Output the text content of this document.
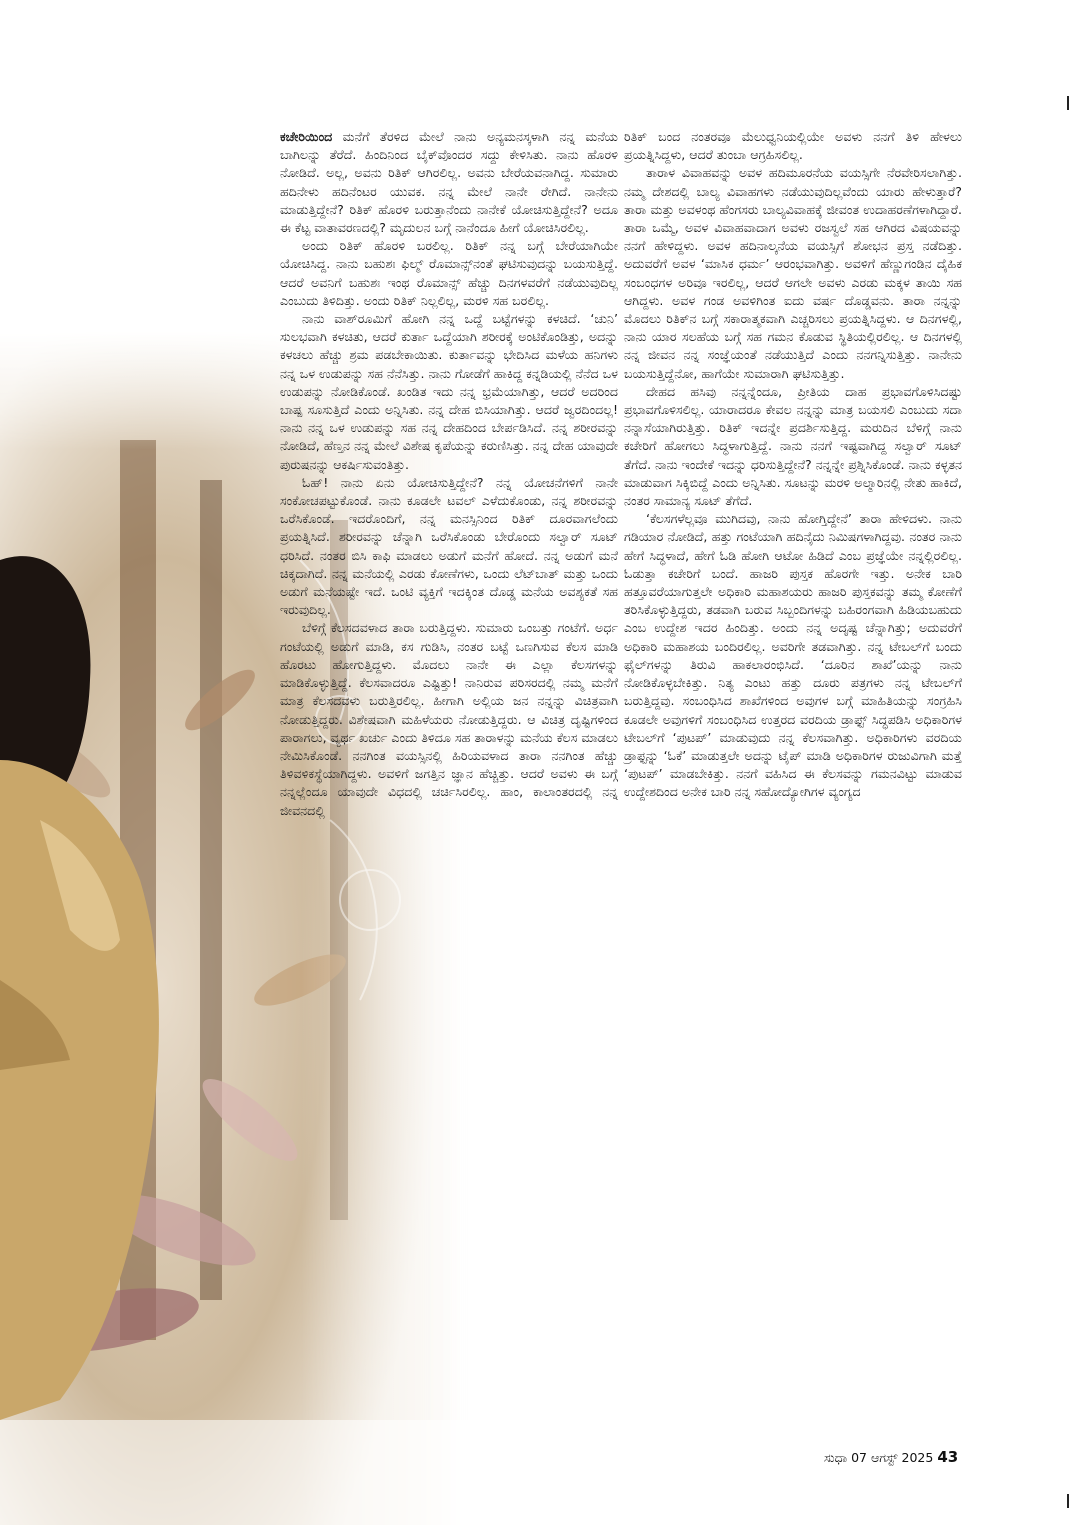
ಕಚೇರಿಯಿಂದ ಮನೆಗೆ ತೆರಳಿದ ಮೇಲೆ ನಾನು ಅನ್ಯಮನಸ್ಕಳಾಗಿ ನನ್ನ ಮನೆಯ ಬಾಗಿಲನ್ನು ತೆರೆದೆ. ಹಿಂದಿನಿಂದ ಬೈಕ್‌ವೊಂದರ ಸದ್ದು ಕೇಳಿಸಿತು. ನಾನು ಹೊರಳಿ ನೋಡಿದೆ. ಅಲ್ಲ, ಅವನು ರಿತಿಕ್ ಆಗಿರಲಿಲ್ಲ. ಅವನು ಬೇರೆಯವನಾಗಿದ್ದ. ಸುಮಾರು ಹದಿನೇಳು ಹದಿನೆಂಟರ ಯುವಕ. ನನ್ನ ಮೇಲೆ ನಾನೇ ರೇಗಿದೆ. ನಾನೇನು ಮಾಡುತ್ತಿದ್ದೇನೆ? ರಿತಿಕ್ ಹೊರಳಿ ಬರುತ್ತಾನೆಂದು ನಾನೇಕೆ ಯೋಚಿಸುತ್ತಿದ್ದೇನೆ? ಅದೂ ಈ ಕೆಟ್ಟ ವಾತಾವರಣದಲ್ಲಿ? ಮೃದುಲನ ಬಗ್ಗೆ ನಾನೆಂದೂ ಹೀಗೆ ಯೋಚಿಸಿರಲಿಲ್ಲ.

ಅಂದು ರಿತಿಕ್ ಹೊರಳಿ ಬರಲಿಲ್ಲ. ರಿತಿಕ್ ನನ್ನ ಬಗ್ಗೆ ಬೇರೆಯಾಗಿಯೇ ಯೋಚಿಸಿದ್ದ. ನಾನು ಬಹುಶಃ ಫಿಲ್ಮ್ ರೊಮಾನ್ಸ್‌ನಂತೆ ಘಟಿಸುವುದನ್ನು ಬಯಸುತ್ತಿದ್ದೆ. ಆದರೆ ಅವನಿಗೆ ಬಹುಶಃ ಇಂಥ ರೊಮಾನ್ಸ್ ಹೆಚ್ಚು ದಿನಗಳವರೆಗೆ ನಡೆಯುವುದಿಲ್ಲ ಎಂಬುದು ತಿಳಿದಿತ್ತು. ಅಂದು ರಿತಿಕ್ ನಿಲ್ಲಲಿಲ್ಲ, ಮರಳಿ ಸಹ ಬರಲಿಲ್ಲ.

ನಾನು ವಾಶ್‌ರೂಮಿಗೆ ಹೋಗಿ ನನ್ನ ಒದ್ದೆ ಬಟ್ಟೆಗಳನ್ನು ಕಳಚಿದೆ. ‘ಚುನಿ’ ಸುಲಭವಾಗಿ ಕಳಚಿತು, ಆದರೆ ಕುರ್ತಾ ಒದ್ದೆಯಾಗಿ ಶರೀರಕ್ಕೆ ಅಂಟಿಕೊಂಡಿತ್ತು, ಅದನ್ನು ಕಳಚಲು ಹೆಚ್ಚು ಶ್ರಮ ಪಡಬೇಕಾಯಿತು. ಕುರ್ತಾವನ್ನು ಭೇದಿಸಿದ ಮಳೆಯ ಹನಿಗಳು ನನ್ನ ಒಳ ಉಡುಪನ್ನು ಸಹ ನೆನೆಸಿತ್ತು. ನಾನು ಗೋಡೆಗೆ ಹಾಕಿದ್ದ ಕನ್ನಡಿಯಲ್ಲಿ ನೆನೆದ ಒಳ ಉಡುಪನ್ನು ನೋಡಿಕೊಂಡೆ. ಖಂಡಿತ ಇದು ನನ್ನ ಭ್ರಮೆಯಾಗಿತ್ತು, ಆದರೆ ಅದರಿಂದ ಬಾಷ್ಪ ಸೂಸುತ್ತಿದೆ ಎಂದು ಅನ್ನಿಸಿತು. ನನ್ನ ದೇಹ ಬಿಸಿಯಾಗಿತ್ತು. ಆದರೆ ಜ್ವರದಿಂದಲ್ಲ! ನಾನು ನನ್ನ ಒಳ ಉಡುಪನ್ನು ಸಹ ನನ್ನ ದೇಹದಿಂದ ಬೇರ್ಪಡಿಸಿದೆ. ನನ್ನ ಶರೀರವನ್ನು ನೋಡಿದೆ, ಹೆಣ್ತನ ನನ್ನ ಮೇಲೆ ವಿಶೇಷ ಕೃಪೆಯನ್ನು ಕರುಣಿಸಿತ್ತು. ನನ್ನ ದೇಹ ಯಾವುದೇ ಪುರುಷನನ್ನು ಆಕರ್ಷಿಸುವಂತಿತ್ತು.

ಓಹ್! ನಾನು ಏನು ಯೋಚಿಸುತ್ತಿದ್ದೇನೆ? ನನ್ನ ಯೋಚನೆಗಳಿಗೆ ನಾನೇ ಸಂಕೋಚಪಟ್ಟುಕೊಂಡೆ. ನಾನು ಕೂಡಲೇ ಟವಲ್ ಎಳೆದುಕೊಂಡು, ನನ್ನ ಶರೀರವನ್ನು ಒರೆಸಿಕೊಂಡೆ. ಇದರೊಂದಿಗೆ, ನನ್ನ ಮನಸ್ಸಿನಿಂದ ರಿತಿಕ್ ದೂರವಾಗಲೆಂದು ಪ್ರಯತ್ನಿಸಿದೆ. ಶರೀರವನ್ನು ಚೆನ್ನಾಗಿ ಒರೆಸಿಕೊಂಡು ಬೇರೊಂದು ಸಲ್ವಾರ್ ಸೂಟ್ ಧರಿಸಿದೆ. ನಂತರ ಬಿಸಿ ಕಾಫಿ ಮಾಡಲು ಅಡುಗೆ ಮನೆಗೆ ಹೋದೆ. ನನ್ನ ಅಡುಗೆ ಮನೆ ಚಿಕ್ಕದಾಗಿದೆ. ನನ್ನ ಮನೆಯಲ್ಲಿ ಎರಡು ಕೋಣೆಗಳು, ಒಂದು ಲೆಟ್‌ಬಾತ್ ಮತ್ತು ಒಂದು ಅಡುಗೆ ಮನೆಯಷ್ಟೇ ಇದೆ. ಒಂಟಿ ವ್ಯಕ್ತಿಗೆ ಇದಕ್ಕಿಂತ ದೊಡ್ಡ ಮನೆಯ ಅವಶ್ಯಕತೆ ಸಹ ಇರುವುದಿಲ್ಲ.

ಬೆಳಿಗ್ಗೆ ಕೆಲಸದವಳಾದ ತಾರಾ ಬರುತ್ತಿದ್ದಳು. ಸುಮಾರು ಒಂಬತ್ತು ಗಂಟೆಗೆ. ಅರ್ಧ ಗಂಟೆಯಲ್ಲಿ ಅಡುಗೆ ಮಾಡಿ, ಕಸ ಗುಡಿಸಿ, ನಂತರ ಬಟ್ಟೆ ಒಣಗಿಸುವ ಕೆಲಸ ಮಾಡಿ ಹೊರಟು ಹೋಗುತ್ತಿದ್ದಳು. ಮೊದಲು ನಾನೇ ಈ ಎಲ್ಲಾ ಕೆಲಸಗಳನ್ನು ಮಾಡಿಕೊಳ್ಳುತ್ತಿದ್ದೆ. ಕೆಲಸವಾದರೂ ಎಷ್ಟಿತ್ತು! ನಾನಿರುವ ಪರಿಸರದಲ್ಲಿ ನಮ್ಮ ಮನೆಗೆ ಮಾತ್ರ ಕೆಲಸದವಳು ಬರುತ್ತಿರಲಿಲ್ಲ. ಹೀಗಾಗಿ ಅಲ್ಲಿಯ ಜನ ನನ್ನನ್ನು ವಿಚಿತ್ರವಾಗಿ ನೋಡುತ್ತಿದ್ದರು. ವಿಶೇಷವಾಗಿ ಮಹಿಳೆಯರು ನೋಡುತ್ತಿದ್ದರು. ಆ ವಿಚಿತ್ರ ದೃಷ್ಟಿಗಳಿಂದ ಪಾರಾಗಲು, ವ್ಯರ್ಥ ಖರ್ಚು ಎಂದು ತಿಳಿದೂ ಸಹ ತಾರಾಳನ್ನು ಮನೆಯ ಕೆಲಸ ಮಾಡಲು ನೇಮಿಸಿಕೊಂಡೆ. ನನಗಿಂತ ವಯಸ್ಸಿನಲ್ಲಿ ಹಿರಿಯವಳಾದ ತಾರಾ ನನಗಿಂತ ಹೆಚ್ಚು ತಿಳಿವಳಿಕಸ್ಥೆಯಾಗಿದ್ದಳು. ಅವಳಿಗೆ ಜಗತ್ತಿನ ಜ್ಞಾನ ಹೆಚ್ಚಿತ್ತು. ಆದರೆ ಅವಳು ಈ ಬಗ್ಗೆ ನನ್ನಲ್ಲೆಂದೂ ಯಾವುದೇ ವಿಧದಲ್ಲಿ ಚರ್ಚಿಸಿರಲಿಲ್ಲ. ಹಾಂ, ಕಾಲಾಂತರದಲ್ಲಿ ನನ್ನ ಜೀವನದಲ್ಲಿ

ರಿತಿಕ್ ಬಂದ ನಂತರವೂ ಮೆಲುಧ್ವನಿಯಲ್ಲಿಯೇ ಅವಳು ನನಗೆ ತಿಳಿ ಹೇಳಲು ಪ್ರಯತ್ನಿಸಿದ್ದಳು, ಆದರೆ ತುಂಬಾ ಆಗ್ರಹಿಸಲಿಲ್ಲ.

ತಾರಾಳ ವಿವಾಹವನ್ನು ಅವಳ ಹದಿಮೂರನೆಯ ವಯಸ್ಸಿಗೇ ನೆರವೇರಿಸಲಾಗಿತ್ತು. ನಮ್ಮ ದೇಶದಲ್ಲಿ ಬಾಲ್ಯ ವಿವಾಹಗಳು ನಡೆಯುವುದಿಲ್ಲವೆಂದು ಯಾರು ಹೇಳುತ್ತಾರೆ? ತಾರಾ ಮತ್ತು ಅವಳಂಥ ಹೆಂಗಸರು ಬಾಲ್ಯವಿವಾಹಕ್ಕೆ ಜೀವಂತ ಉದಾಹರಣೆಗಳಾಗಿದ್ದಾರೆ. ತಾರಾ ಒಮ್ಮೆ, ಅವಳ ವಿವಾಹವಾದಾಗ ಅವಳು ರಜಸ್ವಲೆ ಸಹ ಆಗಿರದ ವಿಷಯವನ್ನು ನನಗೆ ಹೇಳಿದ್ದಳು. ಅವಳ ಹದಿನಾಲ್ಕನೆಯ ವಯಸ್ಸಿಗೆ ಶೋಭನ ಪ್ರಸ್ತ ನಡೆದಿತ್ತು. ಅದುವರೆಗೆ ಅವಳ ‘ಮಾಸಿಕ ಧರ್ಮ’ ಆರಂಭವಾಗಿತ್ತು. ಅವಳಿಗೆ ಹೆಣ್ಣುಗಂಡಿನ ದೈಹಿಕ ಸಂಬಂಧಗಳ ಅರಿವೂ ಇರಲಿಲ್ಲ, ಆದರೆ ಆಗಲೇ ಅವಳು ಎರಡು ಮಕ್ಕಳ ತಾಯಿ ಸಹ ಆಗಿದ್ದಳು. ಅವಳ ಗಂಡ ಅವಳಿಗಿಂತ ಐದು ವರ್ಷ ದೊಡ್ಡವನು. ತಾರಾ ನನ್ನನ್ನು ಮೊದಲು ರಿತಿಕ್‌ನ ಬಗ್ಗೆ ಸಕಾರಾತ್ಮಕವಾಗಿ ಎಚ್ಚರಿಸಲು ಪ್ರಯತ್ನಿಸಿದ್ದಳು. ಆ ದಿನಗಳಲ್ಲಿ, ನಾನು ಯಾರ ಸಲಹೆಯ ಬಗ್ಗೆ ಸಹ ಗಮನ ಕೊಡುವ ಸ್ಥಿತಿಯಲ್ಲಿರಲಿಲ್ಲ. ಆ ದಿನಗಳಲ್ಲಿ ನನ್ನ ಜೀವನ ನನ್ನ ಸಂಜ್ಞೆಯಂತೆ ನಡೆಯುತ್ತಿದೆ ಎಂದು ನನಗನ್ನಿಸುತ್ತಿತ್ತು. ನಾನೇನು ಬಯಸುತ್ತಿದ್ದೆನೋ, ಹಾಗೆಯೇ ಸುಮಾರಾಗಿ ಘಟಿಸುತ್ತಿತ್ತು.

ದೇಹದ ಹಸಿವು ನನ್ನನ್ನೆಂದೂ, ಪ್ರೀತಿಯ ದಾಹ ಪ್ರಭಾವಗೊಳಿಸಿದಷ್ಟು ಪ್ರಭಾವಗೊಳಿಸಲಿಲ್ಲ. ಯಾರಾದರೂ ಕೇವಲ ನನ್ನನ್ನು ಮಾತ್ರ ಬಯಸಲಿ ಎಂಬುದು ಸದಾ ನನ್ನಾಸೆಯಾಗಿರುತ್ತಿತ್ತು. ರಿತಿಕ್ ಇದನ್ನೇ ಪ್ರದರ್ಶಿಸುತ್ತಿದ್ದ. ಮರುದಿನ ಬೆಳಿಗ್ಗೆ ನಾನು ಕಚೇರಿಗೆ ಹೋಗಲು ಸಿದ್ಧಳಾಗುತ್ತಿದ್ದೆ. ನಾನು ನನಗೆ ಇಷ್ಟವಾಗಿದ್ದ ಸಲ್ವಾರ್ ಸೂಟ್ ತೆಗೆದೆ. ನಾನು ಇಂದೇಕೆ ಇದನ್ನು ಧರಿಸುತ್ತಿದ್ದೇನೆ? ನನ್ನನ್ನೇ ಪ್ರಶ್ನಿಸಿಕೊಂಡೆ. ನಾನು ಕಳ್ಳತನ ಮಾಡುವಾಗ ಸಿಕ್ಕಿಬಿದ್ದೆ ಎಂದು ಅನ್ನಿಸಿತು. ಸೂಟನ್ನು ಮರಳಿ ಅಲ್ಮಾರಿನಲ್ಲಿ ನೇತು ಹಾಕಿದೆ, ನಂತರ ಸಾಮಾನ್ಯ ಸೂಟ್ ತೆಗೆದೆ.

‘ಕೆಲಸಗಳೆಲ್ಲವೂ ಮುಗಿದವು, ನಾನು ಹೋಗ್ತಿದ್ದೇನೆ’ ತಾರಾ ಹೇಳಿದಳು. ನಾನು ಗಡಿಯಾರ ನೋಡಿದೆ, ಹತ್ತು ಗಂಟೆಯಾಗಿ ಹದಿನೈದು ನಿಮಿಷಗಳಾಗಿದ್ದವು. ನಂತರ ನಾನು ಹೇಗೆ ಸಿದ್ಧಳಾದೆ, ಹೇಗೆ ಓಡಿ ಹೋಗಿ ಆಟೋ ಹಿಡಿದೆ ಎಂಬ ಪ್ರಜ್ಞೆಯೇ ನನ್ನಲ್ಲಿರಲಿಲ್ಲ. ಓಡುತ್ತಾ ಕಚೇರಿಗೆ ಬಂದೆ. ಹಾಜರಿ ಪುಸ್ತಕ ಹೊರಗೇ ಇತ್ತು. ಅನೇಕ ಬಾರಿ ಹತ್ತೂವರೆಯಾಗುತ್ತಲೇ ಅಧಿಕಾರಿ ಮಹಾಶಯರು ಹಾಜರಿ ಪುಸ್ತಕವನ್ನು ತಮ್ಮ ಕೋಣೆಗೆ ತರಿಸಿಕೊಳ್ಳುತ್ತಿದ್ದರು, ತಡವಾಗಿ ಬರುವ ಸಿಬ್ಬಂದಿಗಳನ್ನು ಬಹಿರಂಗವಾಗಿ ಹಿಡಿಯಬಹುದು ಎಂಬ ಉದ್ದೇಶ ಇದರ ಹಿಂದಿತ್ತು. ಅಂದು ನನ್ನ ಅದೃಷ್ಟ ಚೆನ್ನಾಗಿತ್ತು; ಅದುವರೆಗೆ ಅಧಿಕಾರಿ ಮಹಾಶಯ ಬಂದಿರಲಿಲ್ಲ. ಅವರಿಗೇ ತಡವಾಗಿತ್ತು. ನನ್ನ ಟೇಬಲ್‌ಗೆ ಬಂದು ಫೈಲ್‌ಗಳನ್ನು ತಿರುವಿ ಹಾಕಲಾರಂಭಿಸಿದೆ. ‘ದೂರಿನ ಶಾಖೆ’ಯನ್ನು ನಾನು ನೋಡಿಕೊಳ್ಳಬೇಕಿತ್ತು. ನಿತ್ಯ ಎಂಟು ಹತ್ತು ದೂರು ಪತ್ರಗಳು ನನ್ನ ಟೇಬಲ್‌ಗೆ ಬರುತ್ತಿದ್ದವು. ಸಂಬಂಧಿಸಿದ ಶಾಖೆಗಳಿಂದ ಅವುಗಳ ಬಗ್ಗೆ ಮಾಹಿತಿಯನ್ನು ಸಂಗ್ರಹಿಸಿ ಕೂಡಲೇ ಅವುಗಳಿಗೆ ಸಂಬಂಧಿಸಿದ ಉತ್ತರದ ವರದಿಯ ಡ್ರಾಫ್ಟ್ ಸಿದ್ಧಪಡಿಸಿ ಅಧಿಕಾರಿಗಳ ಟೇಬಲ್‌ಗೆ ‘ಪುಟಪ್’ ಮಾಡುವುದು ನನ್ನ ಕೆಲಸವಾಗಿತ್ತು. ಅಧಿಕಾರಿಗಳು ವರದಿಯ ಡ್ರಾಫ್ಟನ್ನು ‘ಓಕೆ’ ಮಾಡುತ್ತಲೇ ಅದನ್ನು ಟೈಪ್ ಮಾಡಿ ಅಧಿಕಾರಿಗಳ ರುಜುವಿಗಾಗಿ ಮತ್ತೆ ‘ಪುಟಪ್’ ಮಾಡಬೇಕಿತ್ತು. ನನಗೆ ವಹಿಸಿದ ಈ ಕೆಲಸವನ್ನು ಗಮನವಿಟ್ಟು ಮಾಡುವ ಉದ್ದೇಶದಿಂದ ಅನೇಕ ಬಾರಿ ನನ್ನ ಸಹೋದ್ಯೋಗಿಗಳ ವ್ಯಂಗ್ಯದ

ಸುಧಾ 07 ಆಗಸ್ಟ್ 2025 43
